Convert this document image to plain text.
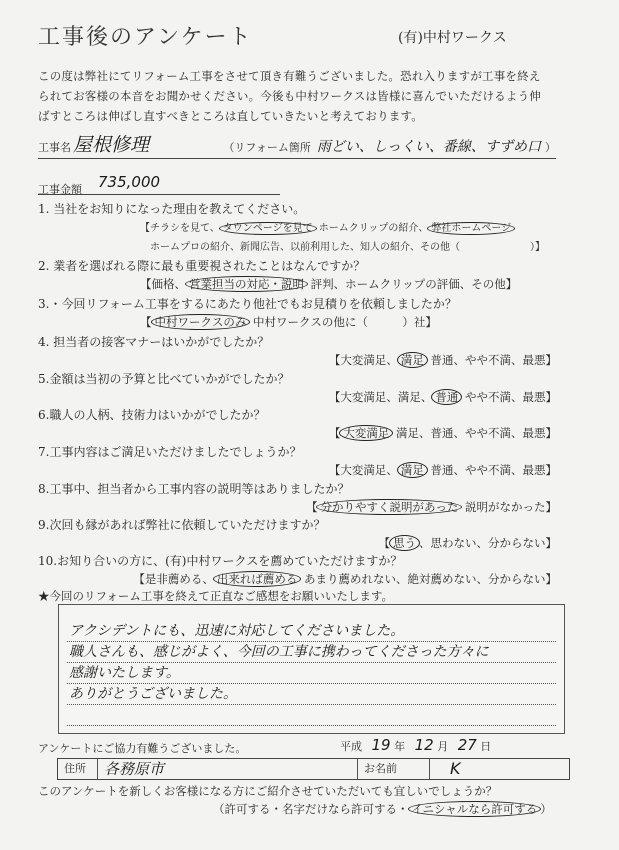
工事後のアンケート	(有)中村ワークス
この度は弊社にてリフォーム工事をさせて頂き有難うございました。恐れ入りますが工事を終え
られてお客様の本音をお聞かせください。今後も中村ワークスは皆様に喜んでいただけるよう伸
ばすところは伸ばし直すべきところは直していきたいと考えております。
工事名 屋根修理	（リフォーム箇所 雨どい、しっくい、番線、すずめ口 ）
工事金額 735,000
1. 当社をお知りになった理由を教えてください。
【チラシを見て、 タウンページを見て ホームクリップの紹介、 弊社ホームページ
ホームプロの紹介、新聞広告、以前利用した、知人の紹介、その他（　　　　　　　）】
2. 業者を選ばれる際に最も重要視されたことはなんですか？
【価格、 営業担当の対応・説明 評判、ホームクリップの評価、その他】
3.・今回リフォーム工事をするにあたり他社でもお見積りを依頼しましたか？
【 中村ワークスのみ 中村ワークスの他に（　　　）社】
4. 担当者の接客マナーはいかがでしたか？
【大変満足、 満足 普通、やや不満、最悪】
5.金額は当初の予算と比べていかがでしたか？
【大変満足、満足、 普通 やや不満、最悪】
6.職人の人柄、技術力はいかがでしたか？
【 大変満足 満足、普通、やや不満、最悪】
7.工事内容はご満足いただけましたでしょうか？
【大変満足、 満足 普通、やや不満、最悪】
8.工事中、担当者から工事内容の説明等はありましたか？
【 分かりやすく説明があった 説明がなかった】
9.次回も縁があれば弊社に依頼していただけますか？
【 思う 、思わない、分からない】
10.お知り合いの方に、(有)中村ワークスを薦めていただけますか？
【是非薦める、 出来れば薦める あまり薦めれない、絶対薦めない、分からない】
★今回のリフォーム工事を終えて正直なご感想をお願いいたします。
アクシデントにも、迅速に対応してくださいました。
職人さんも、感じがよく、今回の工事に携わってくださった方々に
感謝いたします。
ありがとうございました。
アンケートにご協力有難うございました。	平成 19 年 12 月 27 日
住所	各務原市	お名前	K
このアンケートを新しくお客様になる方にご紹介させていただいても宜しいでしょうか？
（許可する・名字だけなら許可する・ イニシャルなら許可する ）
